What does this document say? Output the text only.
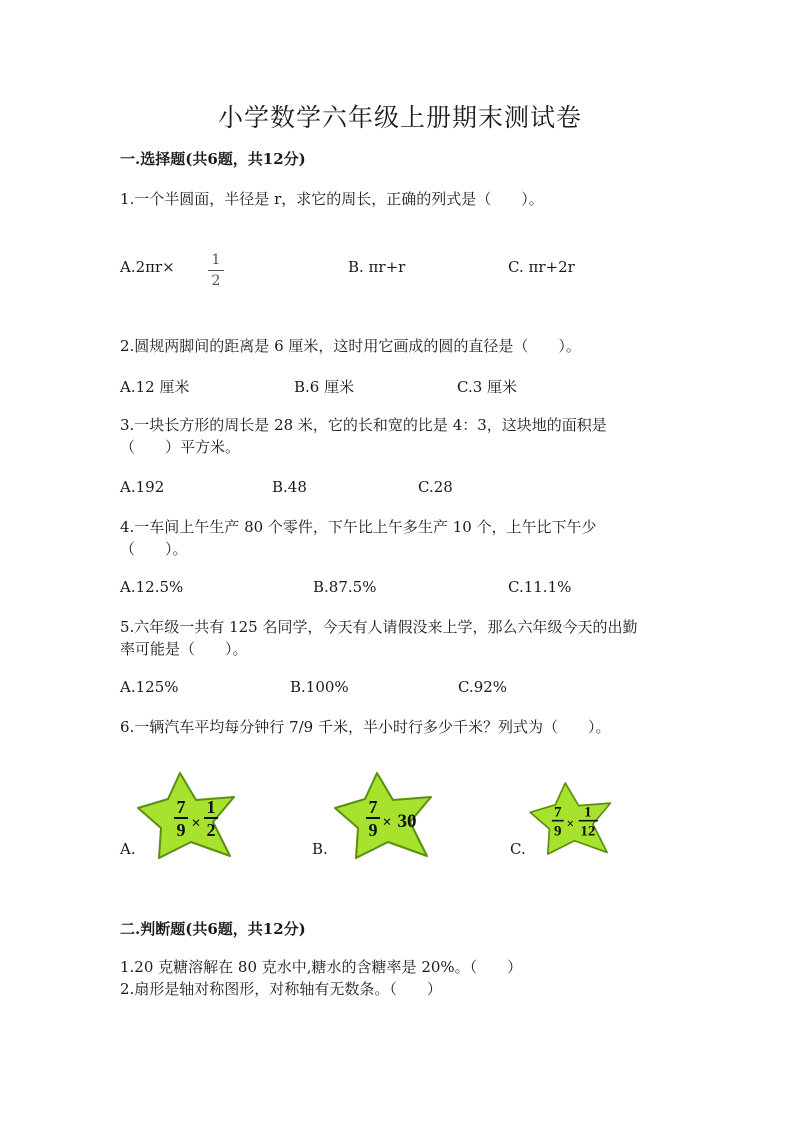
小学数学六年级上册期末测试卷
一.选择题(共6题，共12分)
1.一个半圆面，半径是 r，求它的周长，正确的列式是（　　）。
A.2πr×	1
2
B. πr+r	C. πr+2r
2.圆规两脚间的距离是 6 厘米，这时用它画成的圆的直径是（　　）。
A.12 厘米	B.6 厘米	C.3 厘米
3.一块长方形的周长是 28 米，它的长和宽的比是 4：3，这块地的面积是
（　　）平方米。
A.192	B.48	C.28
4.一车间上午生产 80 个零件，下午比上午多生产 10 个，上午比下午少
（　　）。
A.12.5%	B.87.5%	C.11.1%
5.六年级一共有 125 名同学，今天有人请假没来上学，那么六年级今天的出勤
率可能是（　　）。
A.125%	B.100%	C.92%
6.一辆汽车平均每分钟行 7/9 千米，半小时行多少千米？列式为（　　）。
A.
7
9 ×
1
2
B.
7
9 × 30
C.
7
9
×
1
12
二.判断题(共6题，共12分)
1.20 克糖溶解在 80 克水中,糖水的含糖率是 20%。（　　）
2.扇形是轴对称图形，对称轴有无数条。（　　）
